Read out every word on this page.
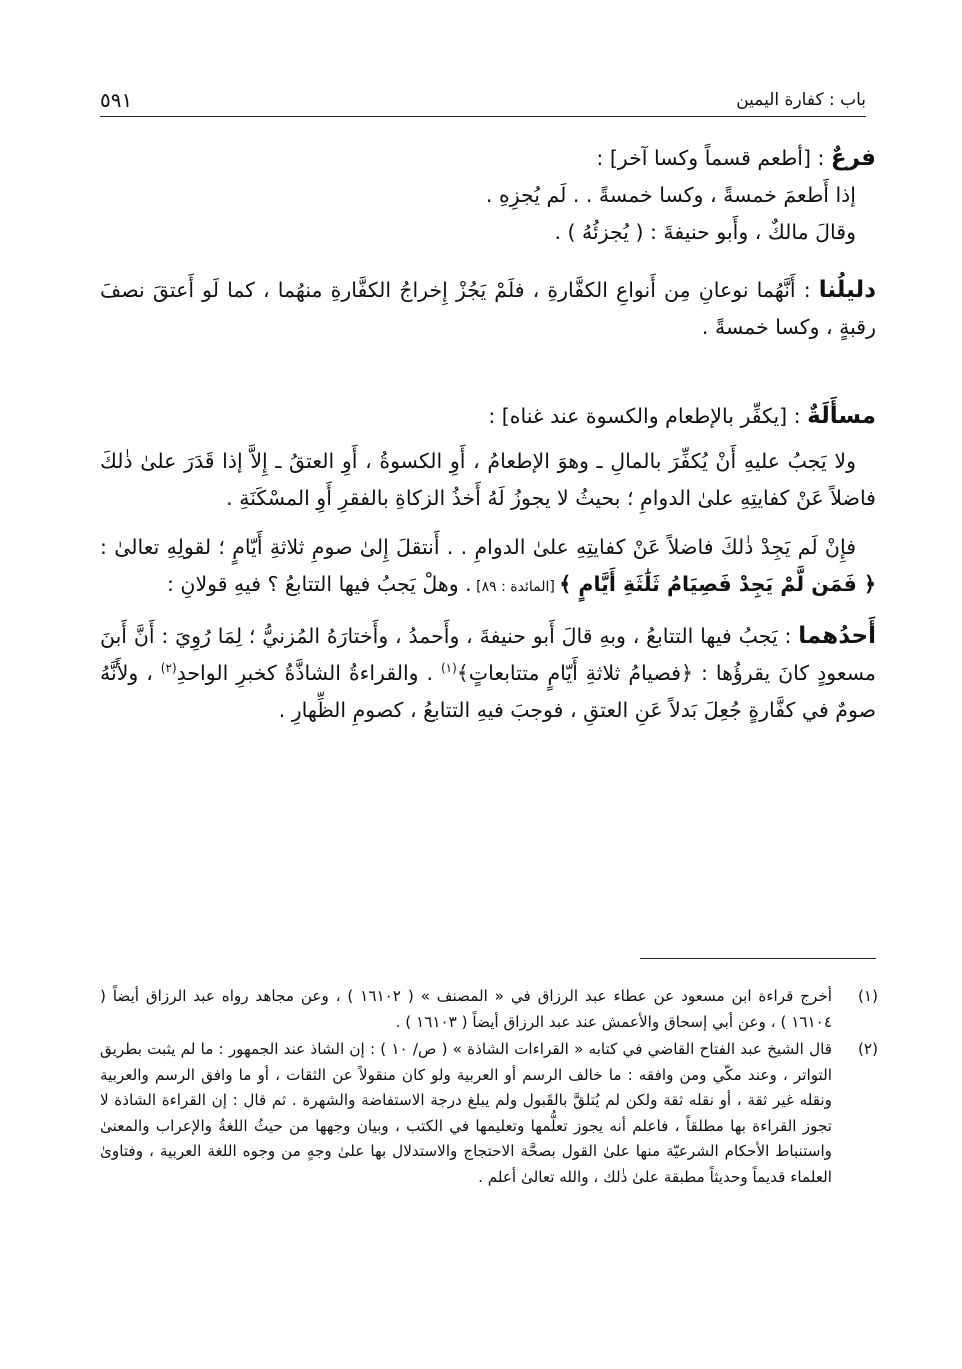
٥٩١	باب : كفارة اليمين

فرعٌ : [أطعم قسماً وكسا آخر] :

إذا أَطعمَ خمسةً ، وكسا خمسةً . . لَم يُجزِهِ .

وقالَ مالكٌ ، وأَبو حنيفةَ : ( يُجزئُهُ ) .

دليلُنا : أَنَّهُما نوعانِ مِن أَنواعِ الكفَّارةِ ، فلَمْ يَجُزْ إِخراجُ الكفَّارةِ منهُما ، كما لَو أَعتقَ نصفَ رقبةٍ ، وكسا خمسةً .

مسأَلَةٌ : [يكفِّر بالإطعام والكسوة عند غناه] :

ولا يَجبُ عليهِ أَنْ يُكفِّرَ بالمالِ ـ وهوَ الإطعامُ ، أَوِ الكسوةُ ، أَوِ العتقُ ـ إِلاَّ إذا قَدَرَ علىٰ ذٰلكَ فاضلاً عَنْ كفايتِهِ علىٰ الدوامِ ؛ بحيثُ لا يجوزُ لَهُ أَخذُ الزكاةِ بالفقرِ أَوِ المسْكَنَةِ .

فإِنْ لَم يَجِدْ ذٰلكَ فاضلاً عَنْ كفايتِهِ علىٰ الدوامِ . . أَنتقلَ إِلىٰ صومِ ثلاثةِ أَيّامٍ ؛ لقولِهِ تعالىٰ : ﴿ فَمَن لَّمْ يَجِدْ فَصِيَامُ ثَلَٰثَةِ أَيَّامٍ ﴾ [المائدة : ٨٩] . وهلْ يَجبُ فيها التتابعُ ؟ فيهِ قولانِ :

أَحدُهما : يَجبُ فيها التتابعُ ، وبهِ قالَ أَبو حنيفةَ ، وأَحمدُ ، وأَختارَهُ المُزنيُّ ؛ لِمَا رُوِيَ : أَنَّ أَبنَ مسعودٍ كانَ يقرؤُها : ﴿فصيامُ ثلاثةِ أَيّامٍ متتابعاتٍ﴾$^{(١)}$ . والقراءةُ الشاذَّةُ كخبرِ الواحدِ$^{(٢)}$ ، ولأَنَّهُ صومٌ في كفَّارةٍ جُعِلَ بَدلاً عَنِ العتقِ ، فوجبَ فيهِ التتابعُ ، كصومِ الظِّهارِ .

(١)
أخرج قراءة ابن مسعود عن عطاء عبد الرزاق في « المصنف » ( ١٦١٠٢ ) ، وعن مجاهد رواه عبد الرزاق أيضاً ( ١٦١٠٤ ) ، وعن أبي إسحاق والأعمش عند عبد الرزاق أيضاً ( ١٦١٠٣ ) .
(٢)
قال الشيخ عبد الفتاح القاضي في كتابه « القراءات الشاذة » ( ص/ ١٠ ) : إن الشاذ عند الجمهور : ما لم يثبت بطريق التواتر ، وعند مكّي ومن وافقه : ما خالف الرسم أو العربية ولو كان منقولاً عن الثقات ، أو ما وافق الرسم والعربية ونقله غير ثقة ، أو نقله ثقة ولكن لم يُتلقَّ بالقَبول ولم يبلغ درجة الاستفاضة والشهرة . ثم قال : إن القراءة الشاذة لا تجوز القراءة بها مطلقاً ، فاعلم أنه يجوز تعلُّمها وتعليمها في الكتب ، وبيان وجهها من حيثُ اللغةُ والإعراب والمعنىٰ واستنباط الأحكام الشرعيّة منها علىٰ القول بصحَّة الاحتجاج والاستدلال بها علىٰ وجهٍ من وجوه اللغة العربية ، وفتاوىٰ العلماء قديماً وحديثاً مطبقة علىٰ ذٰلك ، والله تعالىٰ أعلم .
